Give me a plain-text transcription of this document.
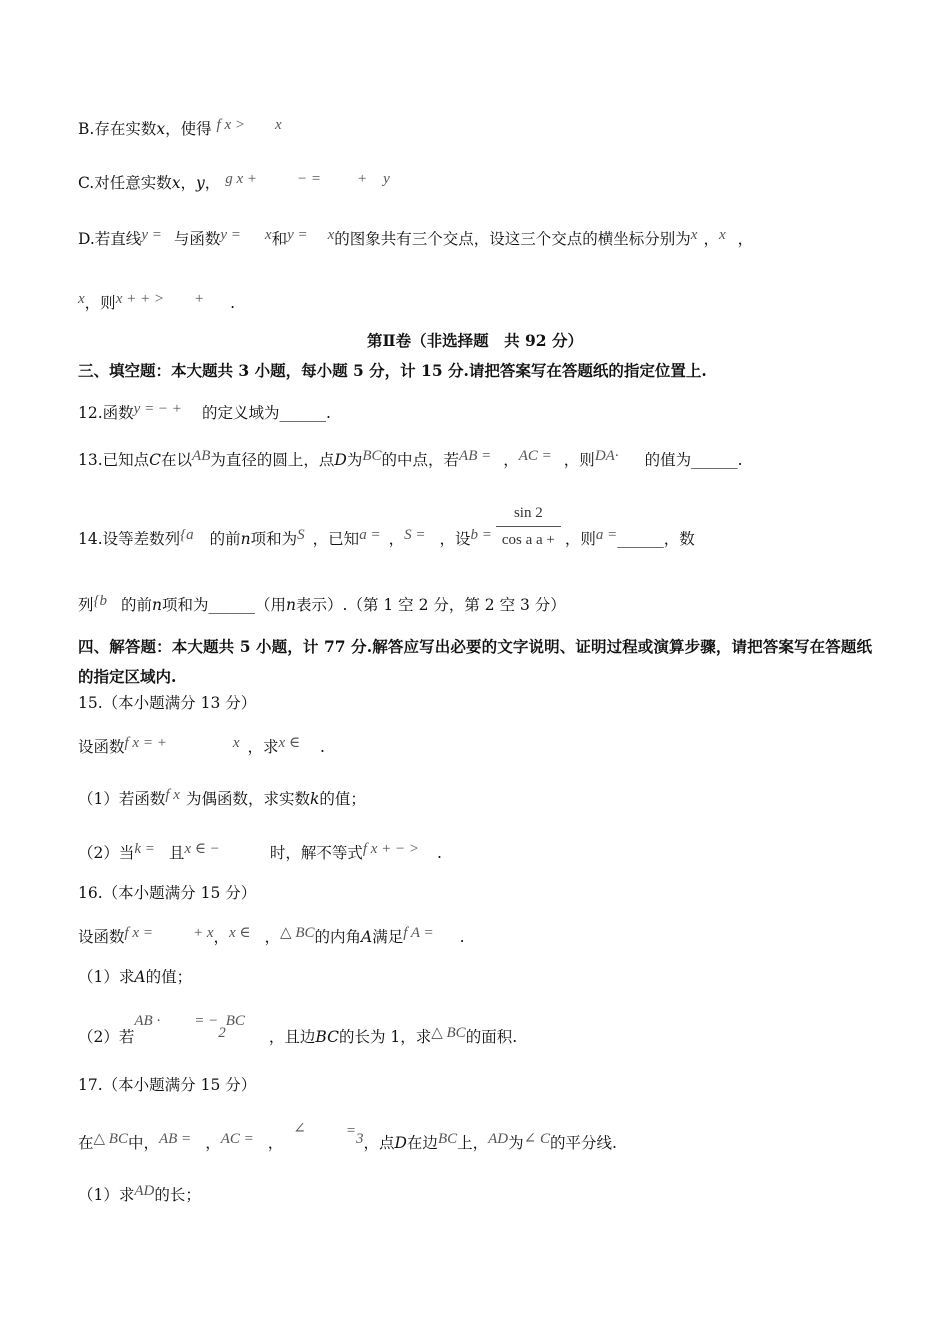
B.存在实数x，使得 f x > x
C.对任意实数x，y， g x +	− = + y
D.若直线y = 与函数y = x和y = x的图象共有三个交点，设这三个交点的横坐标分别为x ，x ，
x，则x + + > + .
第Ⅱ卷（非选择题　共 92 分）
三、填空题：本大题共 3 小题，每小题 5 分，计 15 分.请把答案写在答题纸的指定位置上.
12.函数y = − + 的定义域为______.
13.已知点C在以AB为直径的圆上，点D为BC的中点，若AB = ，AC = ，则DA· 的值为______.
14.设等差数列{a 的前n项和为S ，已知a = ，S = ，设$b = \frac{\sin 2}{\text{cos a a +}}$ ，则a =______，数
列{b 的前n项和为______（用n表示）.（第 1 空 2 分，第 2 空 3 分）
四、解答题：本大题共 5 小题，计 77 分.解答应写出必要的文字说明、证明过程或演算步骤，请把答案写在答题纸的指定区域内.
15.（本小题满分 13 分）
设函数f x = +	x ，求x ∈ .
（1）若函数f x 为偶函数，求实数k的值；
（2）当k = 且x ∈ −	时，解不等式f x + − > .
16.（本小题满分 15 分）
设函数f x =	+ x，x ∈ ，△ BC的内角A满足f A = .
（1）求A的值；
（2）若AB · = −2BC，且边BC的长为 1，求△ BC的面积.
17.（本小题满分 15 分）
在△ BC中，AB = ，AC = ，∠	=3，点D在边BC上，AD为∠ C的平分线.
（1）求AD的长；
